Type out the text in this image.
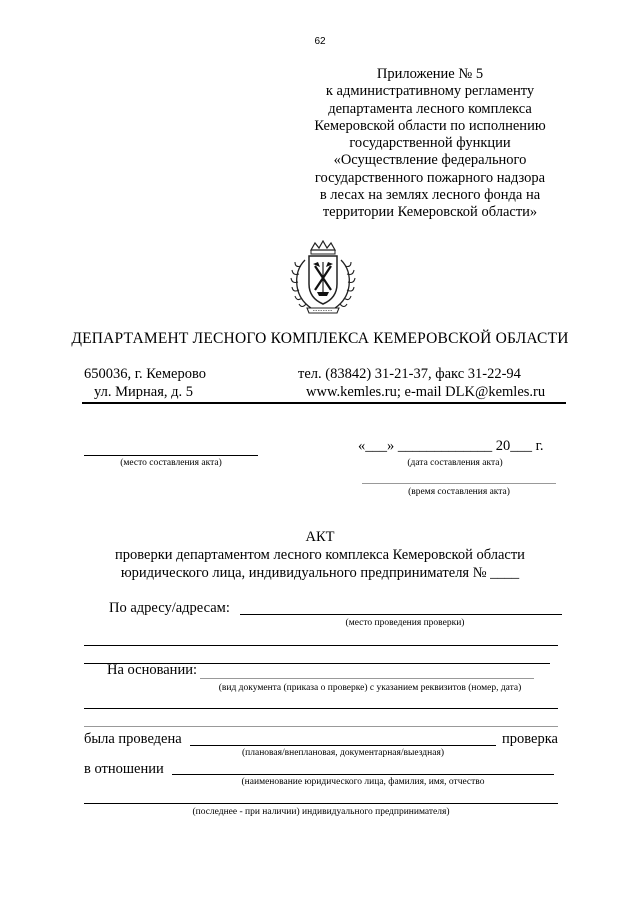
62
Приложение № 5
к административному регламенту
департамента лесного комплекса
Кемеровской области по исполнению
государственной функции
«Осуществление федерального
государственного пожарного надзора
в лесах на землях лесного фонда на
территории Кемеровской области»
ДЕПАРТАМЕНТ ЛЕСНОГО КОМПЛЕКСА КЕМЕРОВСКОЙ ОБЛАСТИ
650036, г. Кемерово
ул. Мирная, д. 5
тел. (83842) 31-21-37, факс 31-22-94
www.kemles.ru; e-mail DLK@kemles.ru
(место составления акта)
«___» _____________ 20___ г.
(дата составления акта)
(время составления акта)
АКТ
проверки департаментом лесного комплекса Кемеровской области
юридического лица, индивидуального предпринимателя № ____
По адресу/адресам:
(место проведения проверки)
На основании:
(вид документа (приказа о проверке) с указанием реквизитов (номер, дата)
была проведена	проверка
(плановая/внеплановая, документарная/выездная)
в отношении
(наименование юридического лица, фамилия, имя, отчество
(последнее - при наличии) индивидуального предпринимателя)
